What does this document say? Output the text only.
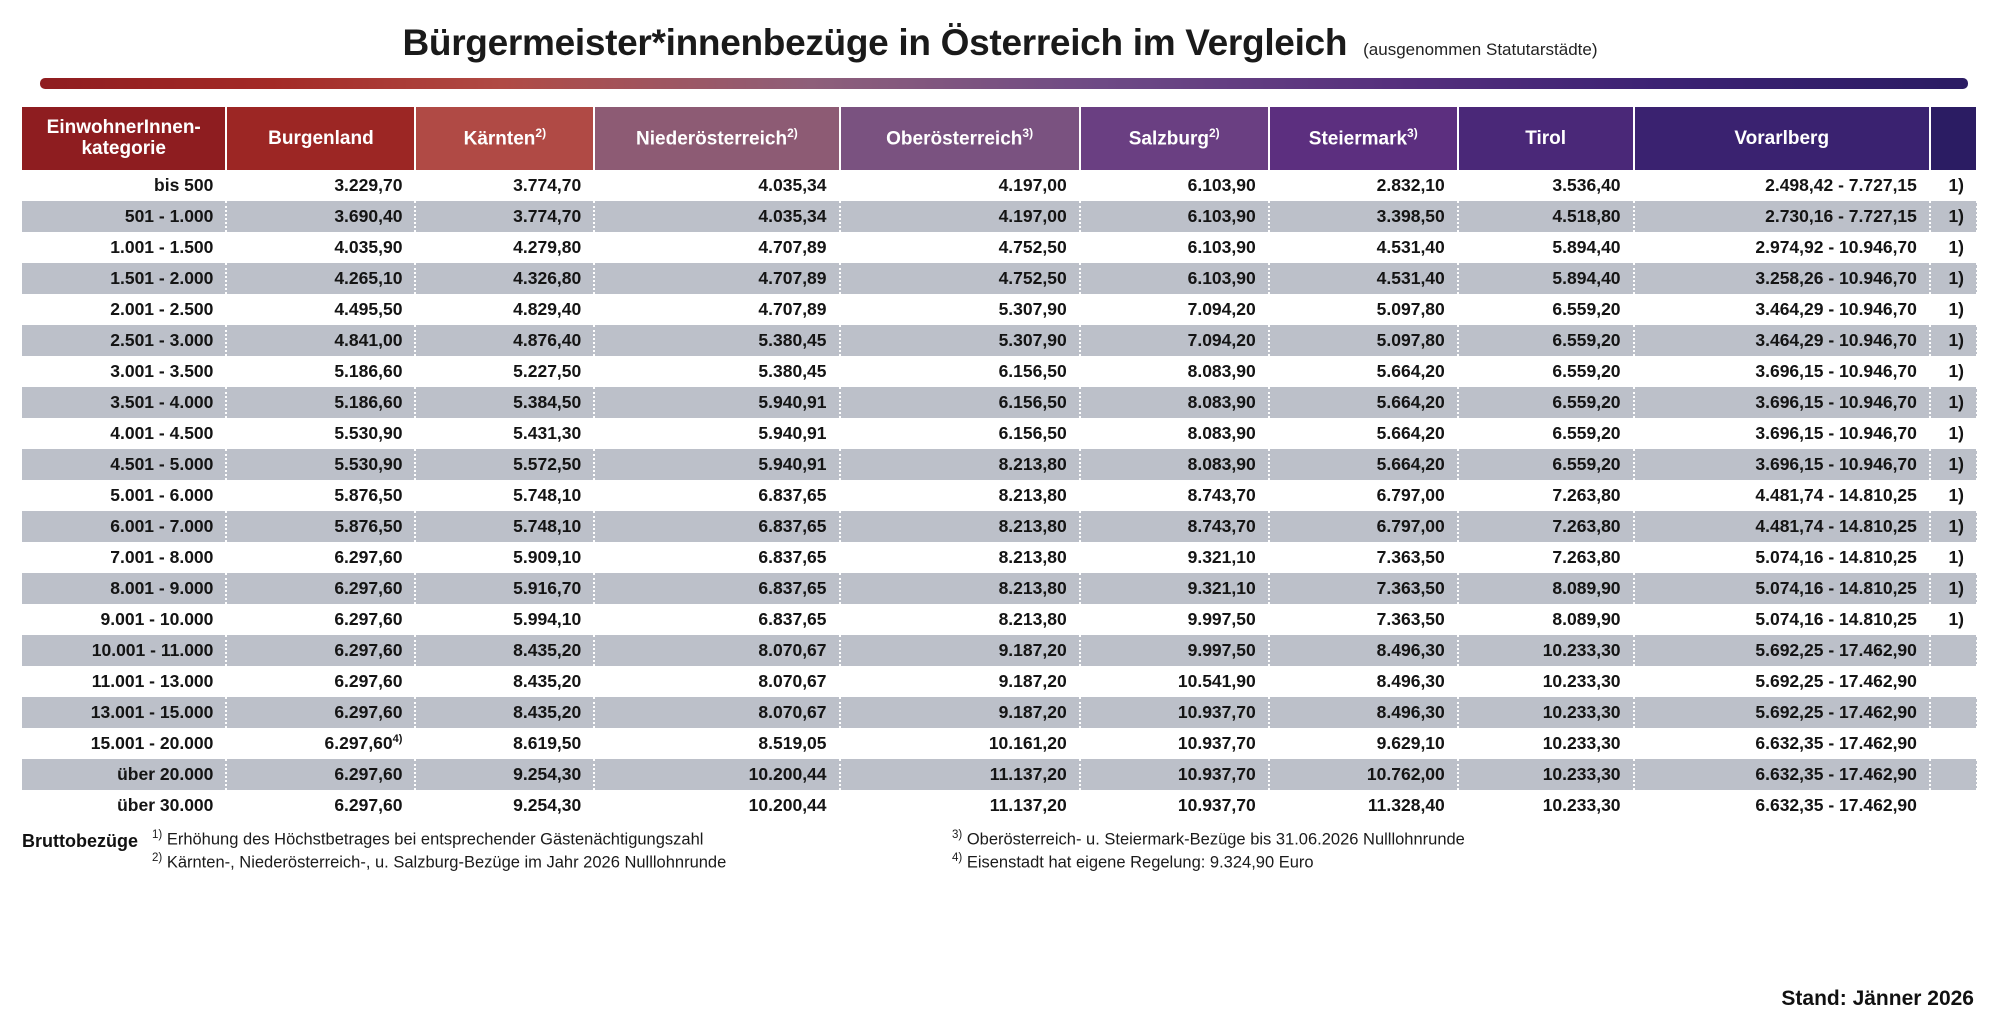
Bürgermeister*innenbezüge in Österreich im Vergleich (ausgenommen Statutarstädte)
EinwohnerInnen-
kategorie	Burgenland	Kärnten$^{2)}$	Niederösterreich$^{2)}$	Oberösterreich$^{3)}$	Salzburg$^{2)}$	Steiermark$^{3)}$	Tirol	Vorarlberg	
bis 500	3.229,70	3.774,70	4.035,34	4.197,00	6.103,90	2.832,10	3.536,40	2.498,42 - 7.727,15	1)
501 - 1.000	3.690,40	3.774,70	4.035,34	4.197,00	6.103,90	3.398,50	4.518,80	2.730,16 - 7.727,15	1)
1.001 - 1.500	4.035,90	4.279,80	4.707,89	4.752,50	6.103,90	4.531,40	5.894,40	2.974,92 - 10.946,70	1)
1.501 - 2.000	4.265,10	4.326,80	4.707,89	4.752,50	6.103,90	4.531,40	5.894,40	3.258,26 - 10.946,70	1)
2.001 - 2.500	4.495,50	4.829,40	4.707,89	5.307,90	7.094,20	5.097,80	6.559,20	3.464,29 - 10.946,70	1)
2.501 - 3.000	4.841,00	4.876,40	5.380,45	5.307,90	7.094,20	5.097,80	6.559,20	3.464,29 - 10.946,70	1)
3.001 - 3.500	5.186,60	5.227,50	5.380,45	6.156,50	8.083,90	5.664,20	6.559,20	3.696,15 - 10.946,70	1)
3.501 - 4.000	5.186,60	5.384,50	5.940,91	6.156,50	8.083,90	5.664,20	6.559,20	3.696,15 - 10.946,70	1)
4.001 - 4.500	5.530,90	5.431,30	5.940,91	6.156,50	8.083,90	5.664,20	6.559,20	3.696,15 - 10.946,70	1)
4.501 - 5.000	5.530,90	5.572,50	5.940,91	8.213,80	8.083,90	5.664,20	6.559,20	3.696,15 - 10.946,70	1)
5.001 - 6.000	5.876,50	5.748,10	6.837,65	8.213,80	8.743,70	6.797,00	7.263,80	4.481,74 - 14.810,25	1)
6.001 - 7.000	5.876,50	5.748,10	6.837,65	8.213,80	8.743,70	6.797,00	7.263,80	4.481,74 - 14.810,25	1)
7.001 - 8.000	6.297,60	5.909,10	6.837,65	8.213,80	9.321,10	7.363,50	7.263,80	5.074,16 - 14.810,25	1)
8.001 - 9.000	6.297,60	5.916,70	6.837,65	8.213,80	9.321,10	7.363,50	8.089,90	5.074,16 - 14.810,25	1)
9.001 - 10.000	6.297,60	5.994,10	6.837,65	8.213,80	9.997,50	7.363,50	8.089,90	5.074,16 - 14.810,25	1)
10.001 - 11.000	6.297,60	8.435,20	8.070,67	9.187,20	9.997,50	8.496,30	10.233,30	5.692,25 - 17.462,90	
11.001 - 13.000	6.297,60	8.435,20	8.070,67	9.187,20	10.541,90	8.496,30	10.233,30	5.692,25 - 17.462,90	
13.001 - 15.000	6.297,60	8.435,20	8.070,67	9.187,20	10.937,70	8.496,30	10.233,30	5.692,25 - 17.462,90	
15.001 - 20.000	6.297,60$^{4)}$	8.619,50	8.519,05	10.161,20	10.937,70	9.629,10	10.233,30	6.632,35 - 17.462,90	
über 20.000	6.297,60	9.254,30	10.200,44	11.137,20	10.937,70	10.762,00	10.233,30	6.632,35 - 17.462,90	
über 30.000	6.297,60	9.254,30	10.200,44	11.137,20	10.937,70	11.328,40	10.233,30	6.632,35 - 17.462,90	
Bruttobezüge $^{1)}$ Erhöhung des Höchstbetrages bei entsprechender Gästenächtigungszahl
$^{2)}$ Kärnten-, Niederösterreich-, u. Salzburg-Bezüge im Jahr 2026 Nulllohnrunde
$^{3)}$ Oberösterreich- u. Steiermark-Bezüge bis 31.06.2026 Nulllohnrunde
$^{4)}$ Eisenstadt hat eigene Regelung: 9.324,90 Euro
Stand: Jänner 2026
